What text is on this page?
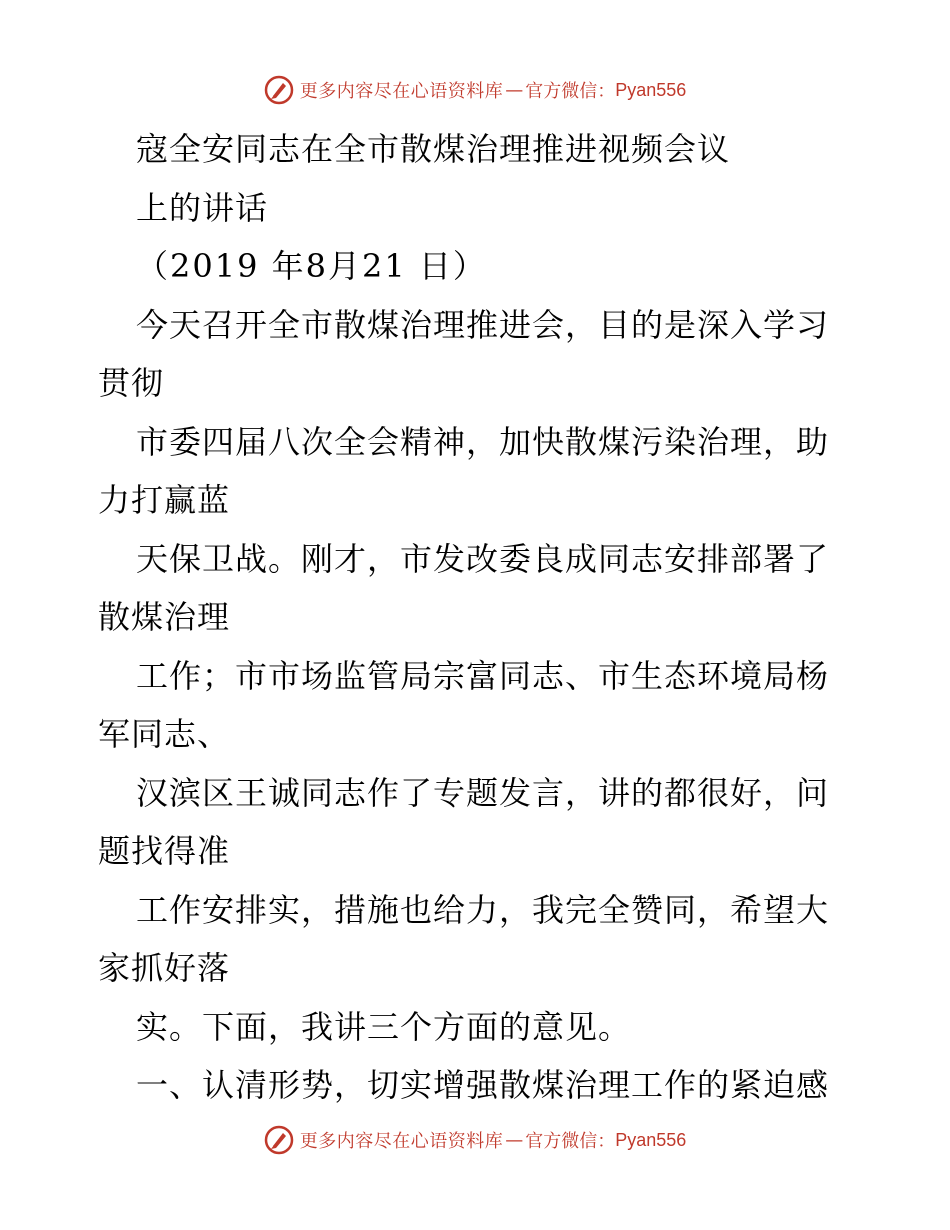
更多内容尽在心语资料库 — 官方微信： Pyan556
寇全安同志在全市散煤治理推进视频会议
上的讲话
（2019 年8月21 日）
今天召开全市散煤治理推进会，目的是深入学习
贯彻
市委四届八次全会精神，加快散煤污染治理，助
力打赢蓝
天保卫战。刚才，市发改委良成同志安排部署了
散煤治理
工作；市市场监管局宗富同志、市生态环境局杨
军同志、
汉滨区王诚同志作了专题发言，讲的都很好，问
题找得准
工作安排实，措施也给力，我完全赞同，希望大
家抓好落
实。下面，我讲三个方面的意见。
一、认清形势，切实增强散煤治理工作的紧迫感
更多内容尽在心语资料库 — 官方微信： Pyan556
